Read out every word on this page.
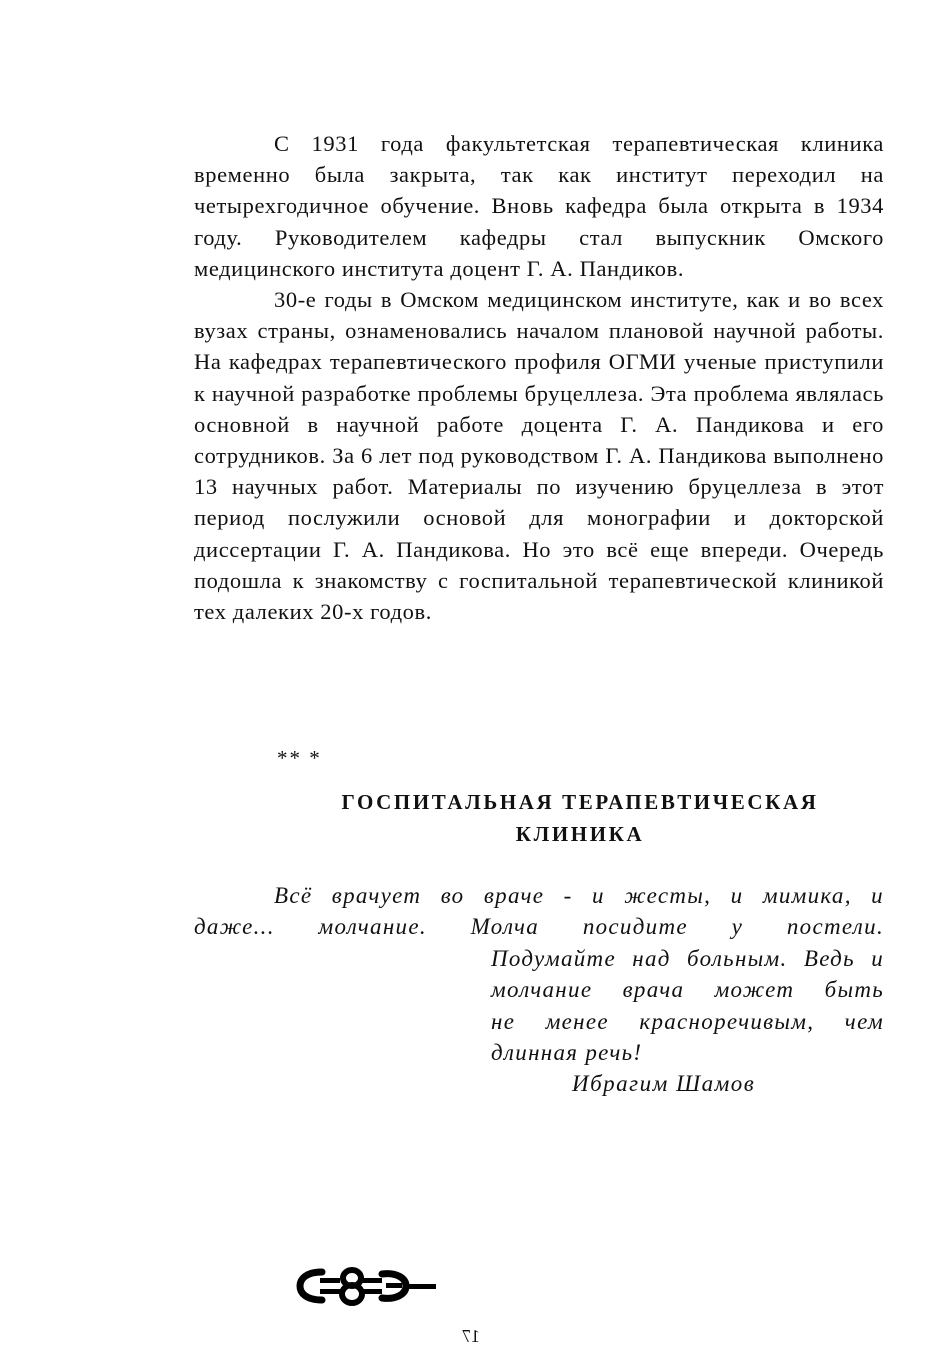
С 1931 года факультетская терапевтическая клиника временно была закрыта, так как институт переходил на четырехгодичное обучение. Вновь кафедра была открыта в 1934 году. Руководителем кафедры стал выпускник Омского медицинского института доцент Г. А. Пандиков.

30-е годы в Омском медицинском институте, как и во всех вузах страны, ознаменовались началом плановой научной работы. На кафедрах терапевтического профиля ОГМИ ученые приступили к научной разработке проблемы бруцеллеза. Эта проблема являлась основной в научной работе доцента Г. А. Пандикова и его сотрудников. За 6 лет под руководством Г. А. Пандикова выполнено 13 научных работ. Материалы по изучению бруцеллеза в этот период послужили основой для монографии и докторской диссертации Г. А. Пандикова. Но это всё еще впереди. Очередь подошла к знакомству с госпитальной терапевтической клиникой тех далеких 20-х годов.

** *
ГОСПИТАЛЬНАЯ ТЕРАПЕВТИЧЕСКАЯ
КЛИНИКА

Всё врачует во враче - и жесты, и мимика, и

даже... молчание. Молча посидите у постели.

Подумайте над больным. Ведь и
молчание врача может быть
не менее красноречивым, чем
длинная речь!

Ибрагим Шамов

17
